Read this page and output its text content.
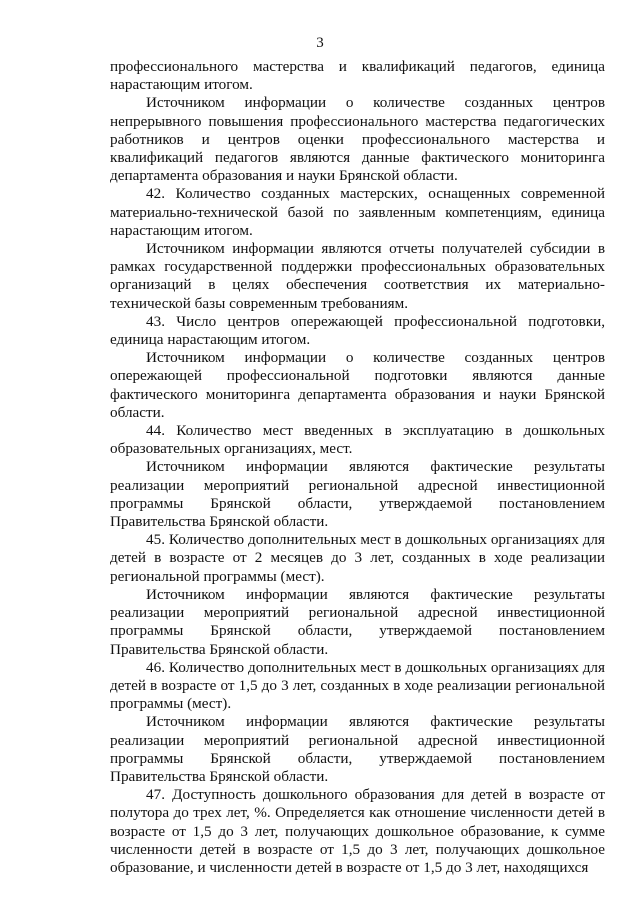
3

профессионального мастерства и квалификаций педагогов, единица нарастающим итогом.

Источником информации о количестве созданных центров непрерывного повышения профессионального мастерства педагогических работников и центров оценки профессионального мастерства и квалификаций педагогов являются данные фактического мониторинга департамента образования и науки Брянской области.

42. Количество созданных мастерских, оснащенных современной материально-технической базой по заявленным компетенциям, единица нарастающим итогом.

Источником информации являются отчеты получателей субсидии в рамках государственной поддержки профессиональных образовательных организаций в целях обеспечения соответствия их материально-технической базы современным требованиям.

43. Число центров опережающей профессиональной подготовки, единица нарастающим итогом.

Источником информации о количестве созданных центров опережающей профессиональной подготовки являются данные фактического мониторинга департамента образования и науки Брянской области.

44. Количество мест введенных в эксплуатацию в дошкольных образовательных организациях, мест.

Источником информации являются фактические результаты реализации мероприятий региональной адресной инвестиционной программы Брянской области, утверждаемой постановлением Правительства Брянской области.

45. Количество дополнительных мест в дошкольных организациях для детей в возрасте от 2 месяцев до 3 лет, созданных в ходе реализации региональной программы (мест).

Источником информации являются фактические результаты реализации мероприятий региональной адресной инвестиционной программы Брянской области, утверждаемой постановлением Правительства Брянской области.

46. Количество дополнительных мест в дошкольных организациях для детей в возрасте от 1,5 до 3 лет, созданных в ходе реализации региональной программы (мест).

Источником информации являются фактические результаты реализации мероприятий региональной адресной инвестиционной программы Брянской области, утверждаемой постановлением Правительства Брянской области.

47. Доступность дошкольного образования для детей в возрасте от полутора до трех лет, %. Определяется как отношение численности детей в возрасте от 1,5 до 3 лет, получающих дошкольное образование, к сумме численности детей в возрасте от 1,5 до 3 лет, получающих дошкольное образование, и численности детей в возрасте от 1,5 до 3 лет, находящихся
